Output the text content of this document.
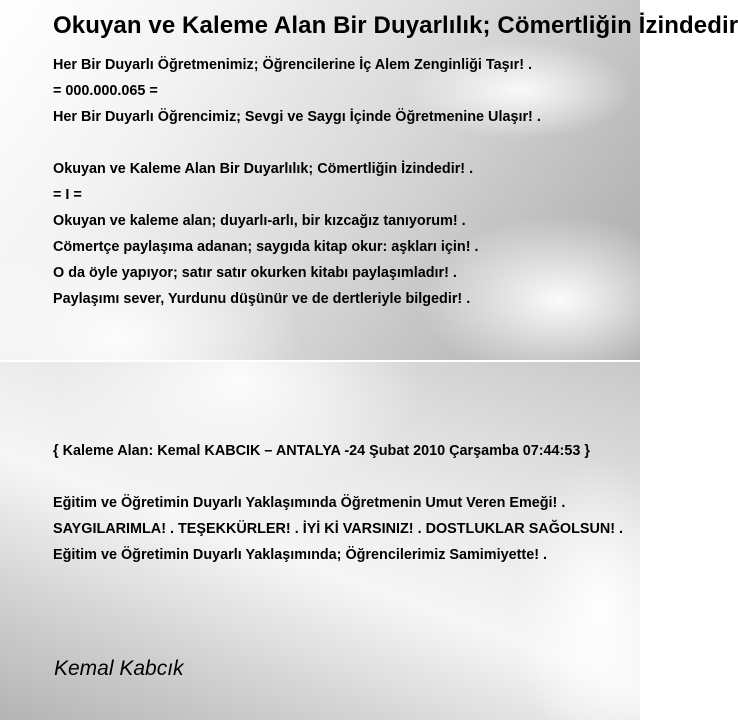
Okuyan ve Kaleme Alan Bir Duyarlılık; Cömertliğin İzindedir

Her Bir Duyarlı Öğretmenimiz; Öğrencilerine İç Alem Zenginliği Taşır! .

= 000.000.065 =

Her Bir Duyarlı Öğrencimiz; Sevgi ve Saygı İçinde Öğretmenine Ulaşır! .

Okuyan ve Kaleme Alan Bir Duyarlılık; Cömertliğin İzindedir! .

= I =

Okuyan ve kaleme alan; duyarlı-arlı, bir kızcağız tanıyorum! .

Cömertçe paylaşıma adanan; saygıda kitap okur: aşkları için! .

O da öyle yapıyor; satır satır okurken kitabı paylaşımladır! .

Paylaşımı sever, Yurdunu düşünür ve de dertleriyle bilgedir! .

{ Kaleme Alan: Kemal KABCIK – ANTALYA -24 Şubat 2010 Çarşamba 07:44:53 }

Eğitim ve Öğretimin Duyarlı Yaklaşımında Öğretmenin Umut Veren Emeği! .

SAYGILARIMLA! . TEŞEKKÜRLER! . İYİ Kİ VARSINIZ! . DOSTLUKLAR SAĞOLSUN! .

Eğitim ve Öğretimin Duyarlı Yaklaşımında; Öğrencilerimiz Samimiyette! .

Kemal Kabcık
